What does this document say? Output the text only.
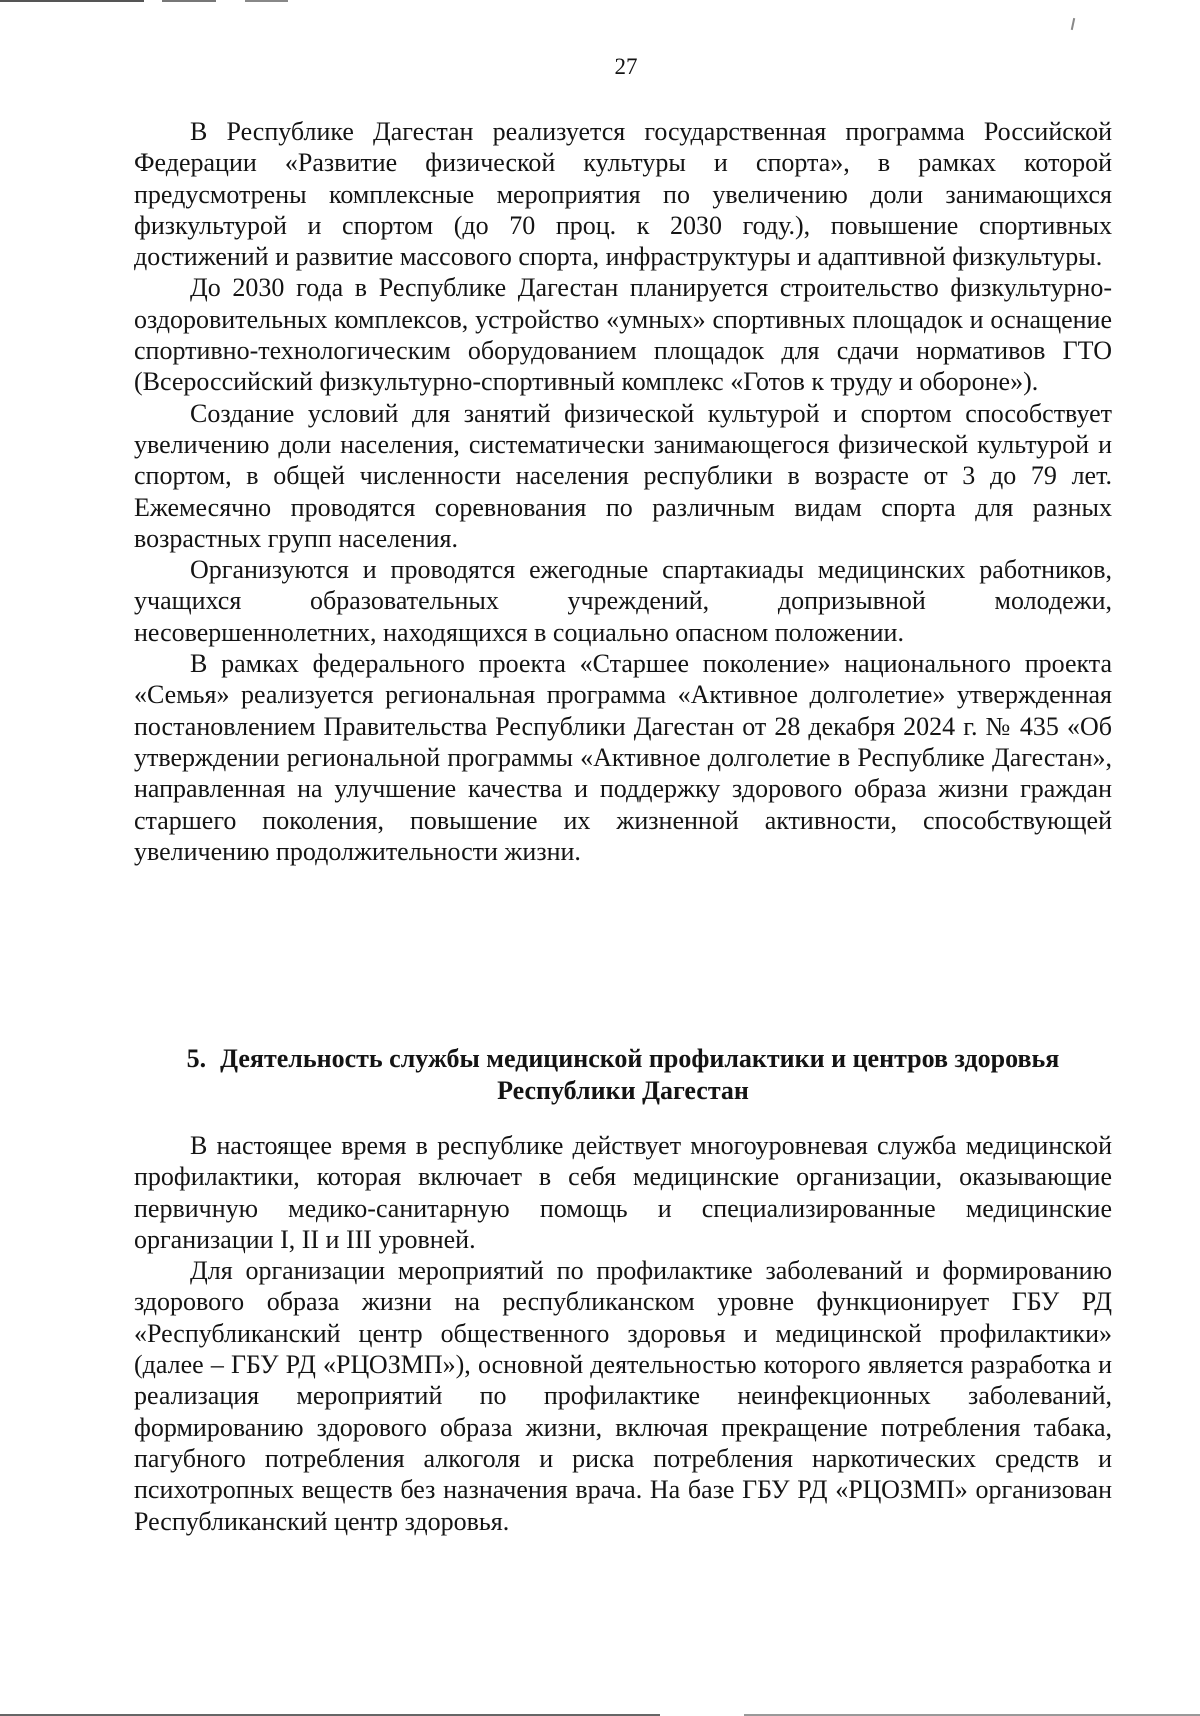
27

В Республике Дагестан реализуется государственная программа Российской Федерации «Развитие физической культуры и спорта», в рамках которой предусмотрены комплексные мероприятия по увеличению доли занимающихся физкультурой и спортом (до 70 проц. к 2030 году.), повышение спортивных достижений и развитие массового спорта, инфраструктуры и адаптивной физкультуры.

До 2030 года в Республике Дагестан планируется строительство физкультурно-оздоровительных комплексов, устройство «умных» спортивных площадок и оснащение спортивно-технологическим оборудованием площадок для сдачи нормативов ГТО (Всероссийский физкультурно-спортивный комплекс «Готов к труду и обороне»).

Создание условий для занятий физической культурой и спортом способствует увеличению доли населения, систематически занимающегося физической культурой и спортом, в общей численности населения республики в возрасте от 3 до 79 лет. Ежемесячно проводятся соревнования по различным видам спорта для разных возрастных групп населения.

Организуются и проводятся ежегодные спартакиады медицинских работников, учащихся образовательных учреждений, допризывной молодежи, несовершеннолетних, находящихся в социально опасном положении.

В рамках федерального проекта «Старшее поколение» национального проекта «Семья» реализуется региональная программа «Активное долголетие» утвержденная постановлением Правительства Республики Дагестан от 28 декабря 2024 г. № 435 «Об утверждении региональной программы «Активное долголетие в Республике Дагестан», направленная на улучшение качества и поддержку здорового образа жизни граждан старшего поколения, повышение их жизненной активности, способствующей увеличению продолжительности жизни.

5. Деятельность службы медицинской профилактики и центров здоровья Республики Дагестан

В настоящее время в республике действует многоуровневая служба медицинской профилактики, которая включает в себя медицинские организации, оказывающие первичную медико-санитарную помощь и специализированные медицинские организации I, II и III уровней.

Для организации мероприятий по профилактике заболеваний и формированию здорового образа жизни на республиканском уровне функционирует ГБУ РД «Республиканский центр общественного здоровья и медицинской профилактики» (далее – ГБУ РД «РЦОЗМП»), основной деятельностью которого является разработка и реализация мероприятий по профилактике неинфекционных заболеваний, формированию здорового образа жизни, включая прекращение потребления табака, пагубного потребления алкоголя и риска потребления наркотических средств и психотропных веществ без назначения врача. На базе ГБУ РД «РЦОЗМП» организован Республиканский центр здоровья.
